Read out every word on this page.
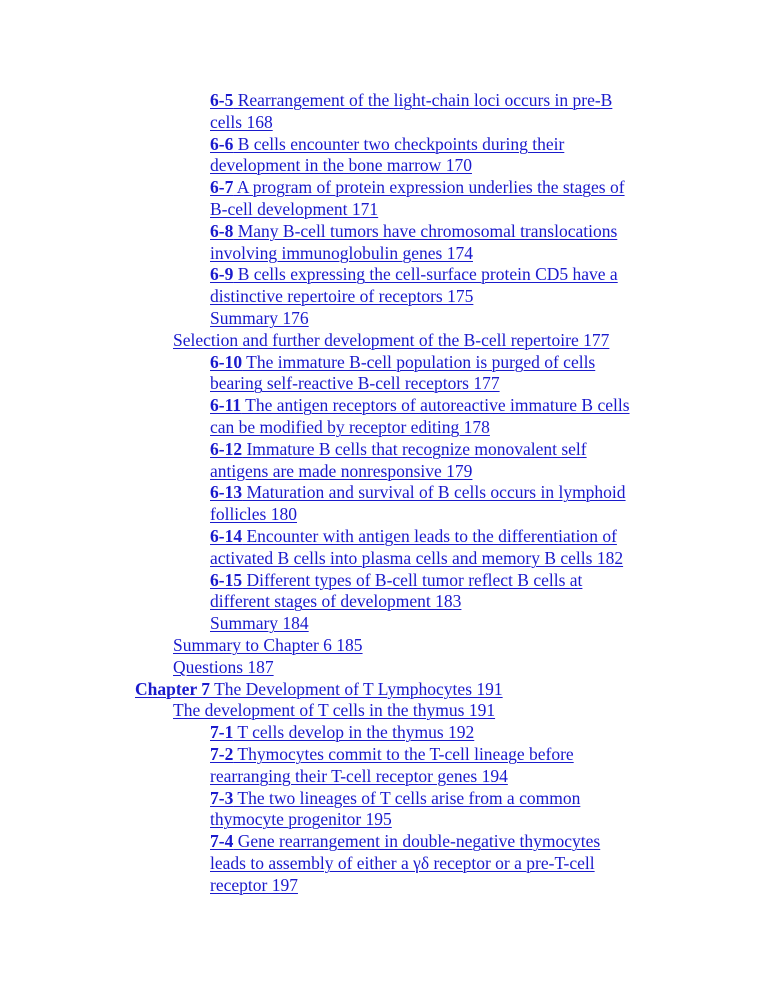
6-5 Rearrangement of the light-chain loci occurs in pre-B
cells 168
6-6 B cells encounter two checkpoints during their
development in the bone marrow 170
6-7 A program of protein expression underlies the stages of
B-cell development 171
6-8 Many B-cell tumors have chromosomal translocations
involving immunoglobulin genes 174
6-9 B cells expressing the cell-surface protein CD5 have a
distinctive repertoire of receptors 175
Summary 176
Selection and further development of the B-cell repertoire 177
6-10 The immature B-cell population is purged of cells
bearing self-reactive B-cell receptors 177
6-11 The antigen receptors of autoreactive immature B cells
can be modified by receptor editing 178
6-12 Immature B cells that recognize monovalent self
antigens are made nonresponsive 179
6-13 Maturation and survival of B cells occurs in lymphoid
follicles 180
6-14 Encounter with antigen leads to the differentiation of
activated B cells into plasma cells and memory B cells 182
6-15 Different types of B-cell tumor reflect B cells at
different stages of development 183
Summary 184
Summary to Chapter 6 185
Questions 187
Chapter 7 The Development of T Lymphocytes 191
The development of T cells in the thymus 191
7-1 T cells develop in the thymus 192
7-2 Thymocytes commit to the T-cell lineage before
rearranging their T-cell receptor genes 194
7-3 The two lineages of T cells arise from a common
thymocyte progenitor 195
7-4 Gene rearrangement in double-negative thymocytes
leads to assembly of either a γδ receptor or a pre-T-cell
receptor 197
